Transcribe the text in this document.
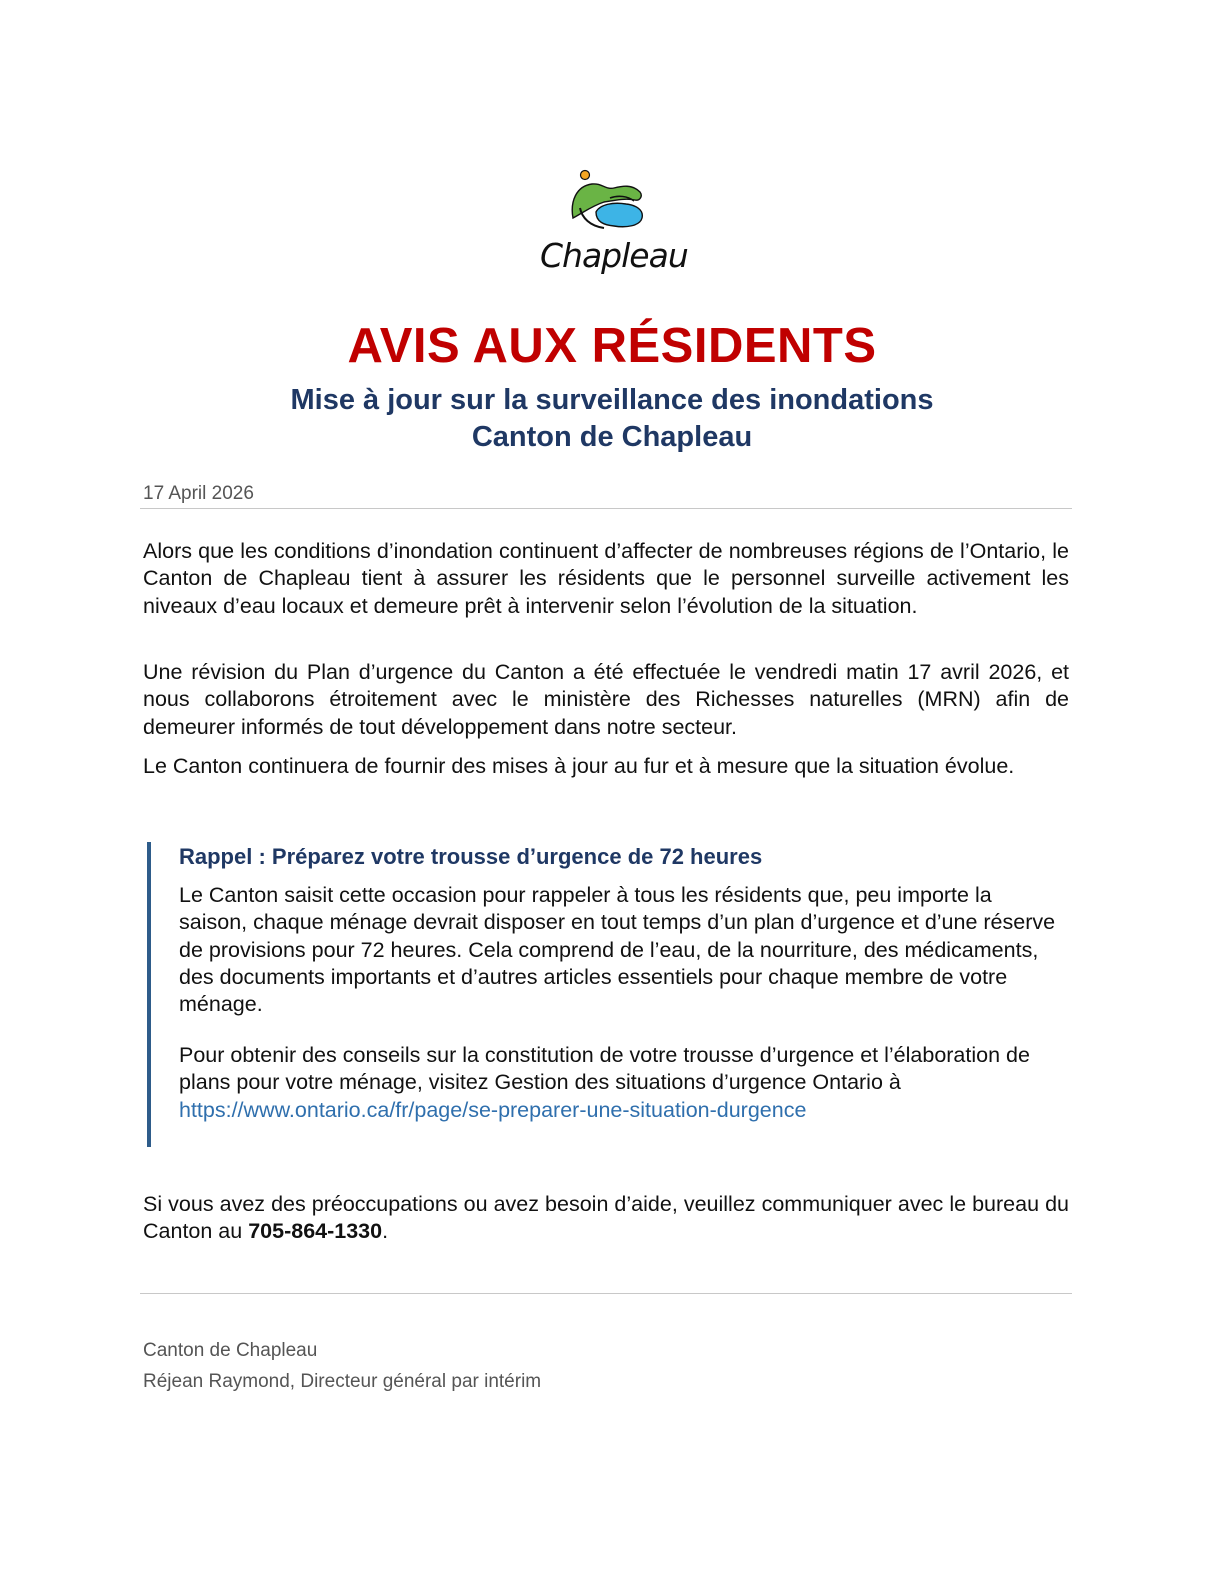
Chapleau
AVIS AUX RÉSIDENTS
Mise à jour sur la surveillance des inondations
Canton de Chapleau
17 April 2026
Alors que les conditions d’inondation continuent d’affecter de nombreuses régions de l’Ontario, le Canton de Chapleau tient à assurer les résidents que le personnel surveille activement les niveaux d’eau locaux et demeure prêt à intervenir selon l’évolution de la situation.
Une révision du Plan d’urgence du Canton a été effectuée le vendredi matin 17 avril 2026, et nous collaborons étroitement avec le ministère des Richesses naturelles (MRN) afin de demeurer informés de tout développement dans notre secteur.
Le Canton continuera de fournir des mises à jour au fur et à mesure que la situation évolue.
Rappel : Préparez votre trousse d’urgence de 72 heures
Le Canton saisit cette occasion pour rappeler à tous les résidents que, peu importe la saison, chaque ménage devrait disposer en tout temps d’un plan d’urgence et d’une réserve de provisions pour 72 heures. Cela comprend de l’eau, de la nourriture, des médicaments, des documents importants et d’autres articles essentiels pour chaque membre de votre ménage.
Pour obtenir des conseils sur la constitution de votre trousse d’urgence et l’élaboration de plans pour votre ménage, visitez Gestion des situations d’urgence Ontario à https://www.ontario.ca/fr/page/se-preparer-une-situation-durgence
Si vous avez des préoccupations ou avez besoin d’aide, veuillez communiquer avec le bureau du Canton au 705-864-1330.
Canton de Chapleau
Réjean Raymond, Directeur général par intérim
